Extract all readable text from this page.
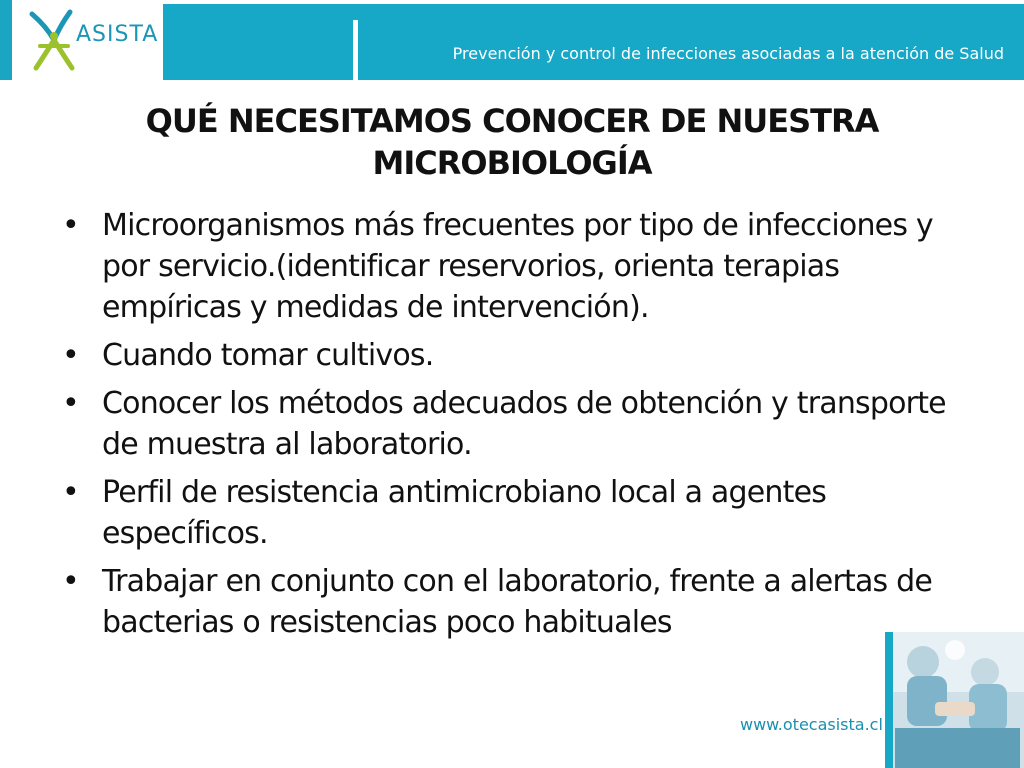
ASISTA
Prevención y control de infecciones asociadas a la atención de Salud
QUÉ NECESITAMOS CONOCER DE NUESTRA
MICROBIOLOGÍA
• Microorganismos más frecuentes por tipo de infecciones y por servicio.(identificar reservorios, orienta terapias empíricas y medidas de intervención).
• Cuando tomar cultivos.
• Conocer los métodos adecuados de obtención y transporte de muestra al laboratorio.
• Perfil de resistencia antimicrobiano local a agentes específicos.
• Trabajar en conjunto con el laboratorio, frente a alertas de bacterias o resistencias poco habituales
www.otecasista.cl
